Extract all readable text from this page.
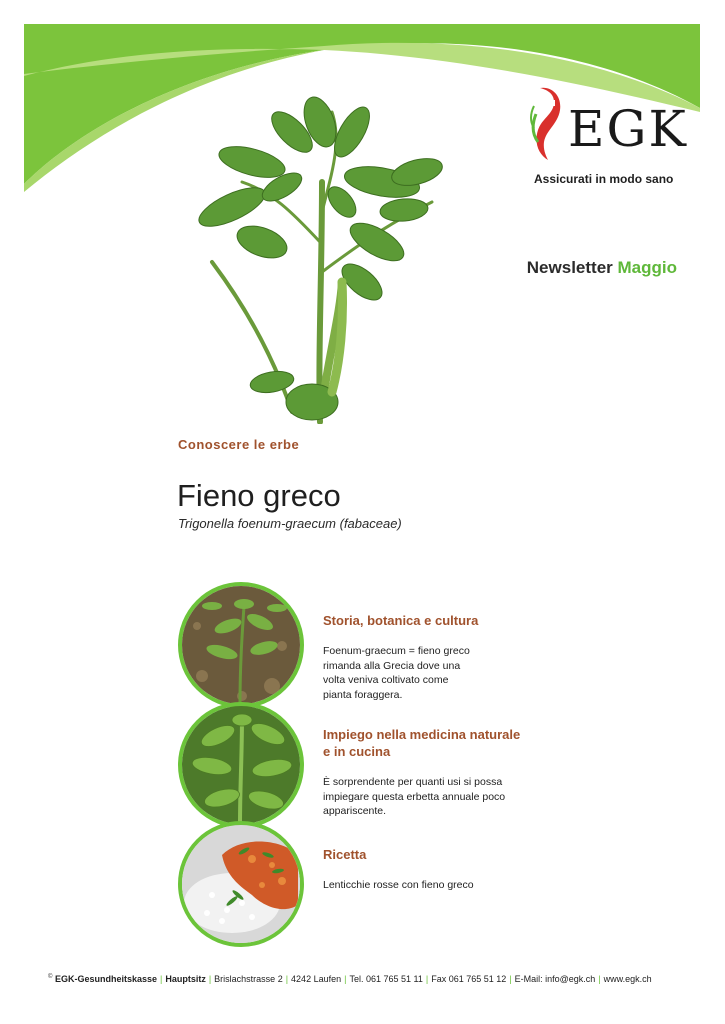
EGK
Assicurati in modo sano
Newsletter Maggio
Conoscere le erbe
Fieno greco
Trigonella foenum-graecum (fabaceae)
Storia, botanica e cultura
Foenum-graecum = fieno greco
rimanda alla Grecia dove una
volta veniva coltivato come
pianta foraggera.
Impiego nella medicina naturale
e in cucina
È sorprendente per quanti usi si possa
impiegare questa erbetta annuale poco
appariscente.
Ricetta
Lenticchie rosse con fieno greco
© EGK-Gesundheitskasse | Hauptsitz | Brislachstrasse 2 | 4242 Laufen | Tel. 061 765 51 11 | Fax 061 765 51 12 | E-Mail: info@egk.ch | www.egk.ch
